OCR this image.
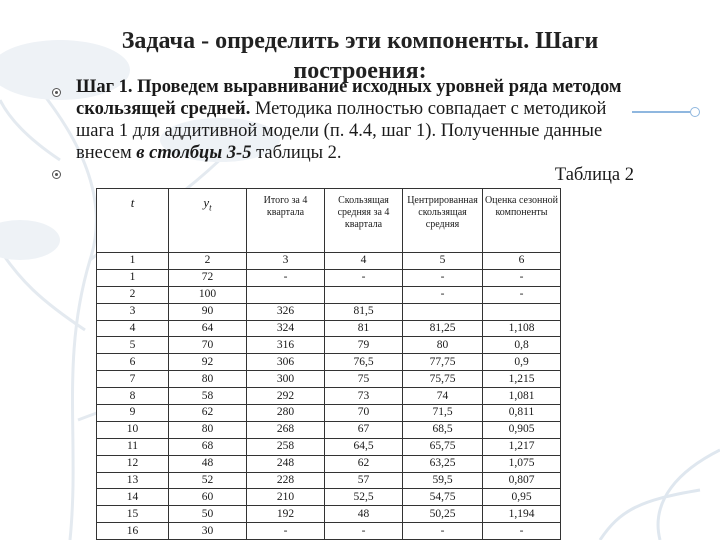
Задача - определить эти компоненты. Шаги построения:
Шаг 1. Проведем выравнивание исходных уровней ряда методом скользящей средней. Методика полностью совпадает с методикой шага 1 для аддитивной модели (п. 4.4, шаг 1). Полученные данные внесем в столбцы 3-5 таблицы 2.
Таблица 2
t	$y_t$	Итого за 4 квартала	Скользящая средняя за 4 квартала	Центрированная скользящая средняя	Оценка сезонной компоненты
1	2	3	4	5	6
1	72	-	-	-	-
2	100			-	-
3	90	326	81,5		
4	64	324	81	81,25	1,108
5	70	316	79	80	0,8
6	92	306	76,5	77,75	0,9
7	80	300	75	75,75	1,215
8	58	292	73	74	1,081
9	62	280	70	71,5	0,811
10	80	268	67	68,5	0,905
11	68	258	64,5	65,75	1,217
12	48	248	62	63,25	1,075
13	52	228	57	59,5	0,807
14	60	210	52,5	54,75	0,95
15	50	192	48	50,25	1,194
16	30	-	-	-	-
